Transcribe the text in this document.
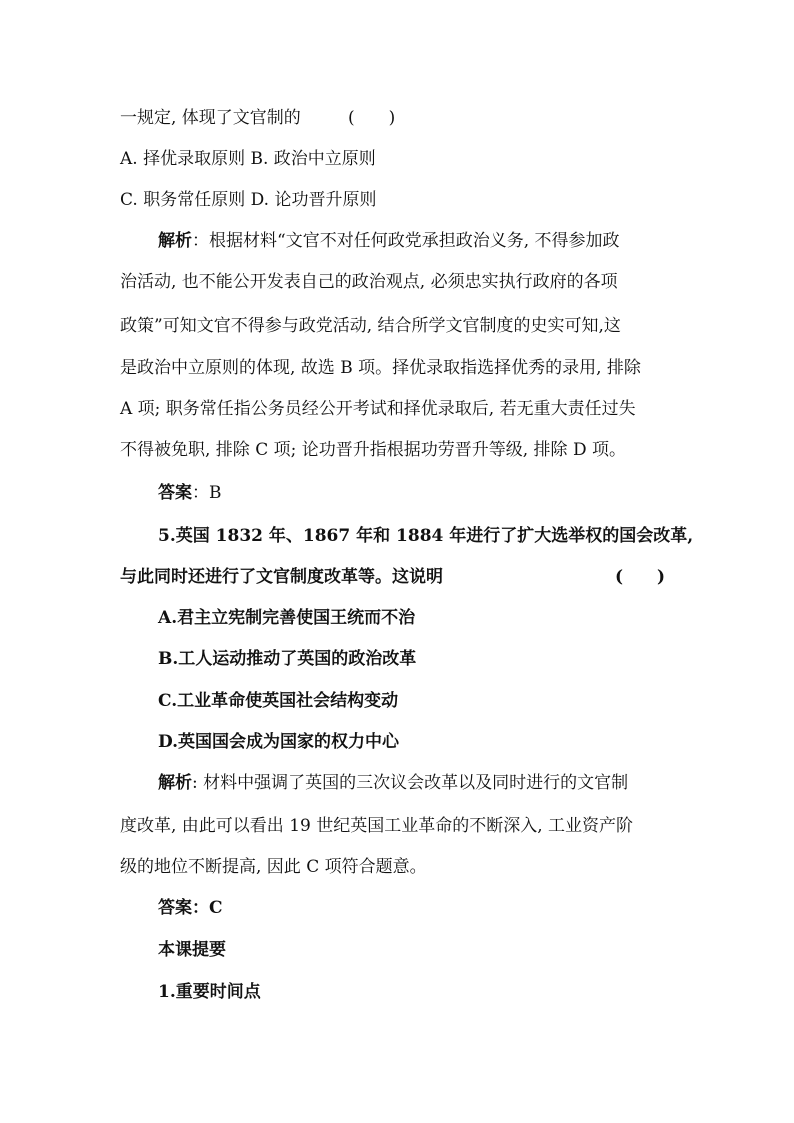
一规定, 体现了文官制的	(　　)
A. 择优录取原则 B. 政治中立原则
C. 职务常任原则 D. 论功晋升原则
解析：根据材料“文官不对任何政党承担政治义务, 不得参加政
治活动, 也不能公开发表自己的政治观点, 必须忠实执行政府的各项
政策”可知文官不得参与政党活动, 结合所学文官制度的史实可知,这
是政治中立原则的体现, 故选 B 项。择优录取指选择优秀的录用, 排除
A 项; 职务常任指公务员经公开考试和择优录取后, 若无重大责任过失
不得被免职, 排除 C 项; 论功晋升指根据功劳晋升等级, 排除 D 项。
答案：B
5.英国 1832 年、1867 年和 1884 年进行了扩大选举权的国会改革,
与此同时还进行了文官制度改革等。这说明	(　　)
A.君主立宪制完善使国王统而不治
B.工人运动推动了英国的政治改革
C.工业革命使英国社会结构变动
D.英国国会成为国家的权力中心
解析: 材料中强调了英国的三次议会改革以及同时进行的文官制
度改革, 由此可以看出 19 世纪英国工业革命的不断深入, 工业资产阶
级的地位不断提高, 因此 C 项符合题意。
答案：C
本课提要
1.重要时间点
